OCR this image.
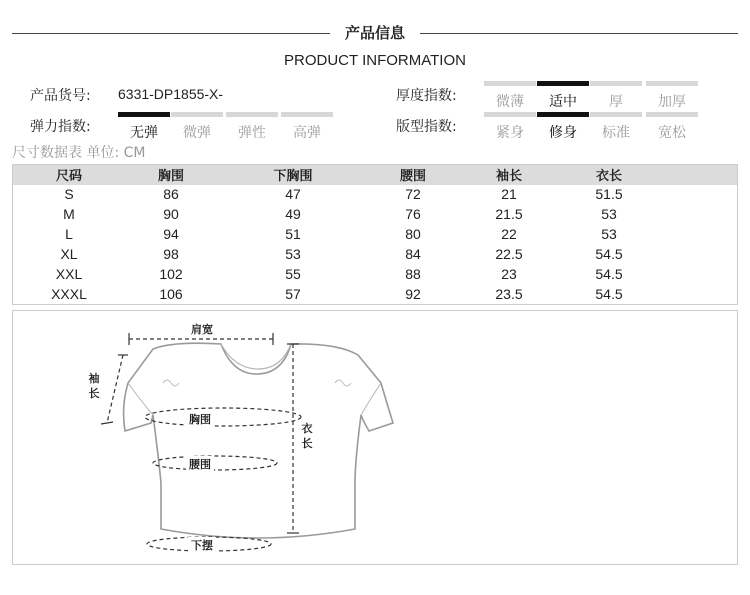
产品信息
PRODUCT INFORMATION
产品货号: 6331-DP1855-X-	厚度指数:	微薄	适中	厚	加厚
弹力指数:	无弹	微弹	弹性	高弹	版型指数:	紧身	修身	标准	宽松
尺寸数据表 单位: CM
尺码	胸围	下胸围	腰围	袖长	衣长
S	86	47	72	21	51.5
M	90	49	76	21.5	53
L	94	51	80	22	53
XL	98	53	84	22.5	54.5
XXL	102	55	88	23	54.5
XXXL	106	57	92	23.5	54.5
肩宽
袖长
胸围
腰围
衣长
下摆
